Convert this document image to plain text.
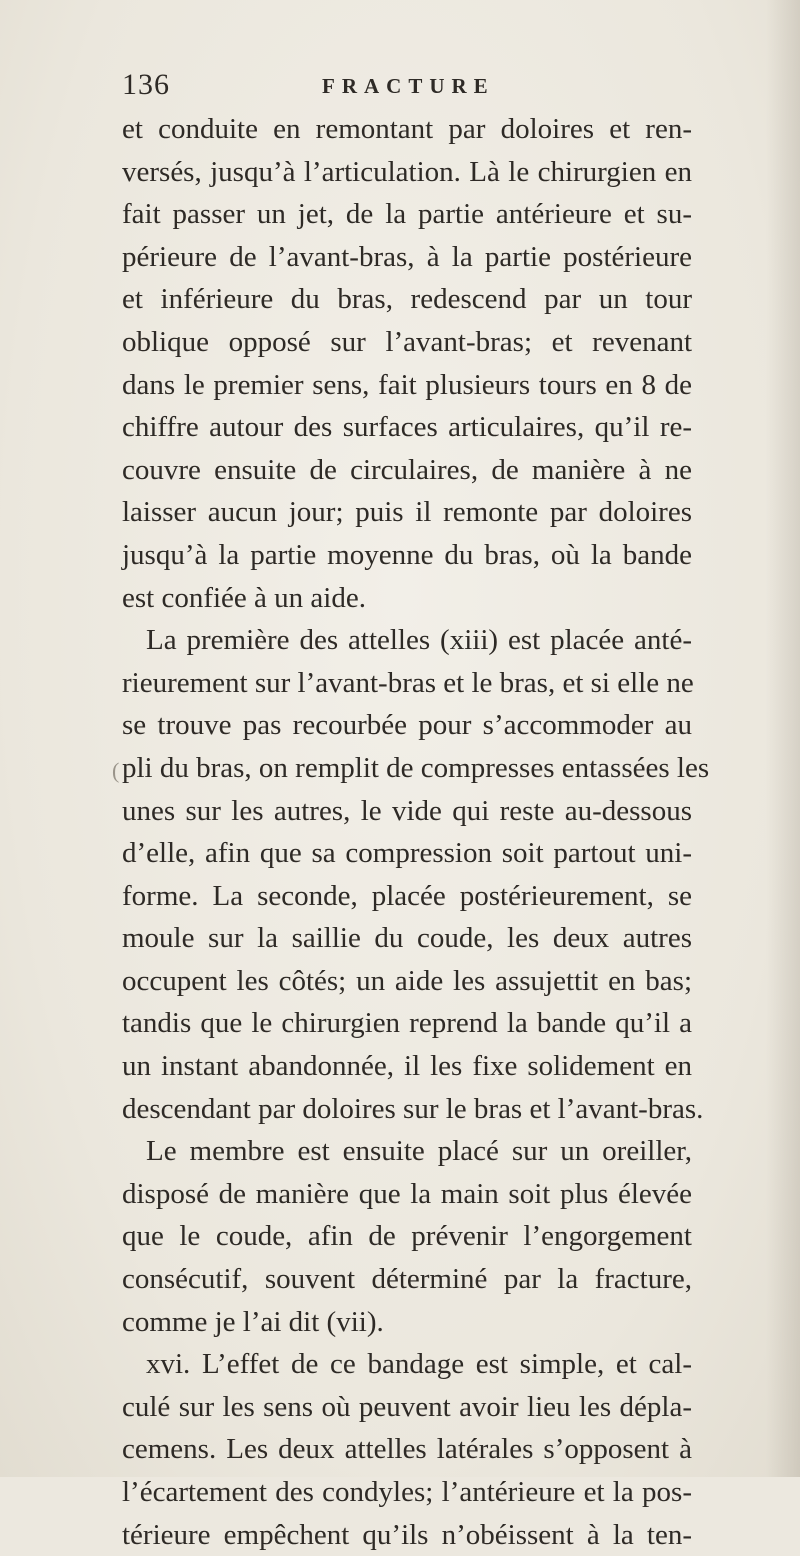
136	FRACTURE
et conduite en remontant par doloires et ren-
versés, jusqu’à l’articulation. Là le chirurgien en
fait passer un jet, de la partie antérieure et su-
périeure de l’avant-bras, à la partie postérieure
et inférieure du bras, redescend par un tour
oblique opposé sur l’avant-bras; et revenant
dans le premier sens, fait plusieurs tours en 8 de
chiffre autour des surfaces articulaires, qu’il re-
couvre ensuite de circulaires, de manière à ne
laisser aucun jour; puis il remonte par doloires
jusqu’à la partie moyenne du bras, où la bande
est confiée à un aide.
La première des attelles (xiii) est placée anté-
rieurement sur l’avant-bras et le bras, et si elle ne
se trouve pas recourbée pour s’accommoder au
pli du bras, on remplit de compresses entassées les
unes sur les autres, le vide qui reste au-dessous
d’elle, afin que sa compression soit partout uni-
forme. La seconde, placée postérieurement, se
moule sur la saillie du coude, les deux autres
occupent les côtés; un aide les assujettit en bas;
tandis que le chirurgien reprend la bande qu’il a
un instant abandonnée, il les fixe solidement en
descendant par doloires sur le bras et l’avant-bras.
Le membre est ensuite placé sur un oreiller,
disposé de manière que la main soit plus élevée
que le coude, afin de prévenir l’engorgement
consécutif, souvent déterminé par la fracture,
comme je l’ai dit (vii).
xvi. L’effet de ce bandage est simple, et cal-
culé sur les sens où peuvent avoir lieu les dépla-
cemens. Les deux attelles latérales s’opposent à
l’écartement des condyles; l’antérieure et la pos-
térieure empêchent qu’ils n’obéissent à la ten-
(
